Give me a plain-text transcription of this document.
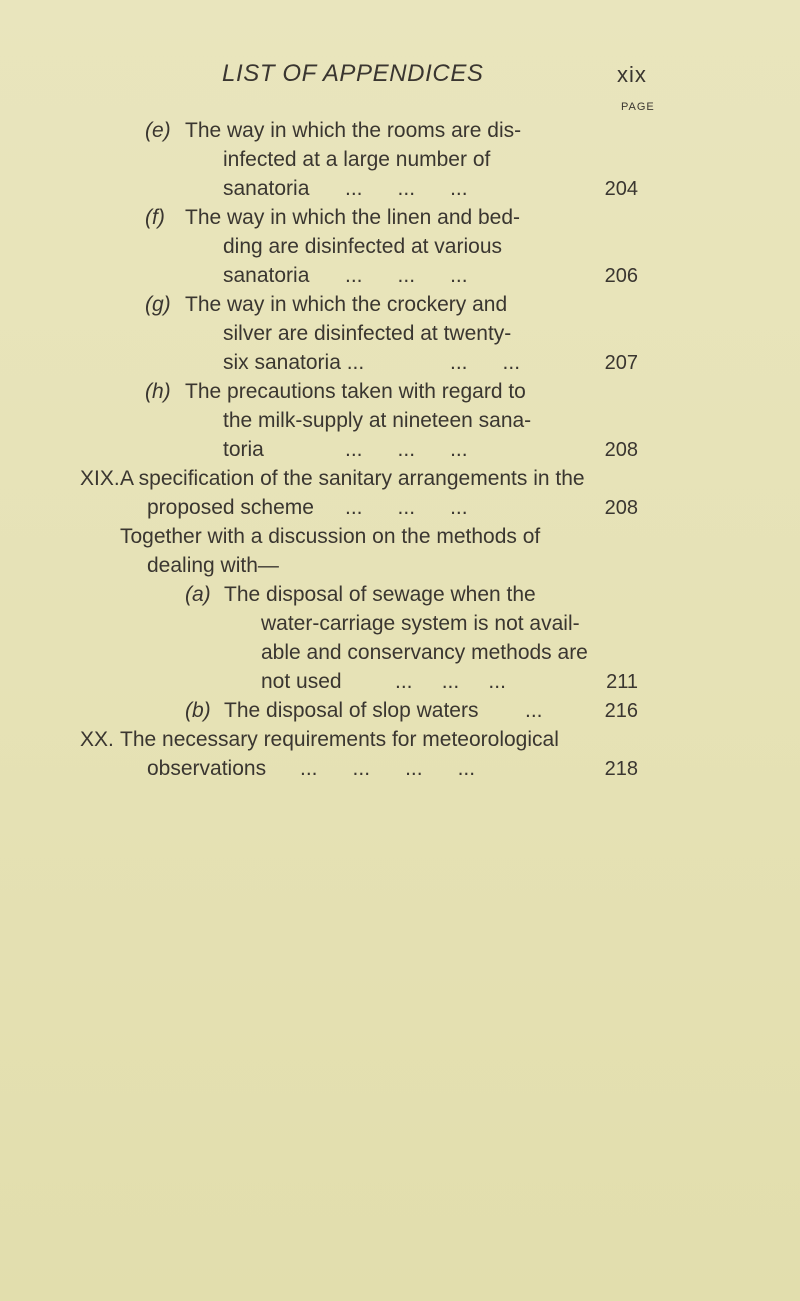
LIST OF APPENDICES	xix
PAGE
(e) The way in which the rooms are dis-
infected at a large number of
sanatoria ... ... ...	204
(f) The way in which the linen and bed-
ding are disinfected at various
sanatoria ... ... ...	206
(g) The way in which the crockery and
silver are disinfected at twenty-
six sanatoria ...	... ...	207
(h) The precautions taken with regard to
the milk-supply at nineteen sana-
toria	... ... ...	208
XIX. A specification of the sanitary arrangements in the
proposed scheme ... ... ...	208
Together with a discussion on the methods of
dealing with—
(a) The disposal of sewage when the
water-carriage system is not avail-
able and conservancy methods are
not used	... ... ...	211
(b) The disposal of slop waters ...	216
XX. The necessary requirements for meteorological
observations ... ... ... ...	218
